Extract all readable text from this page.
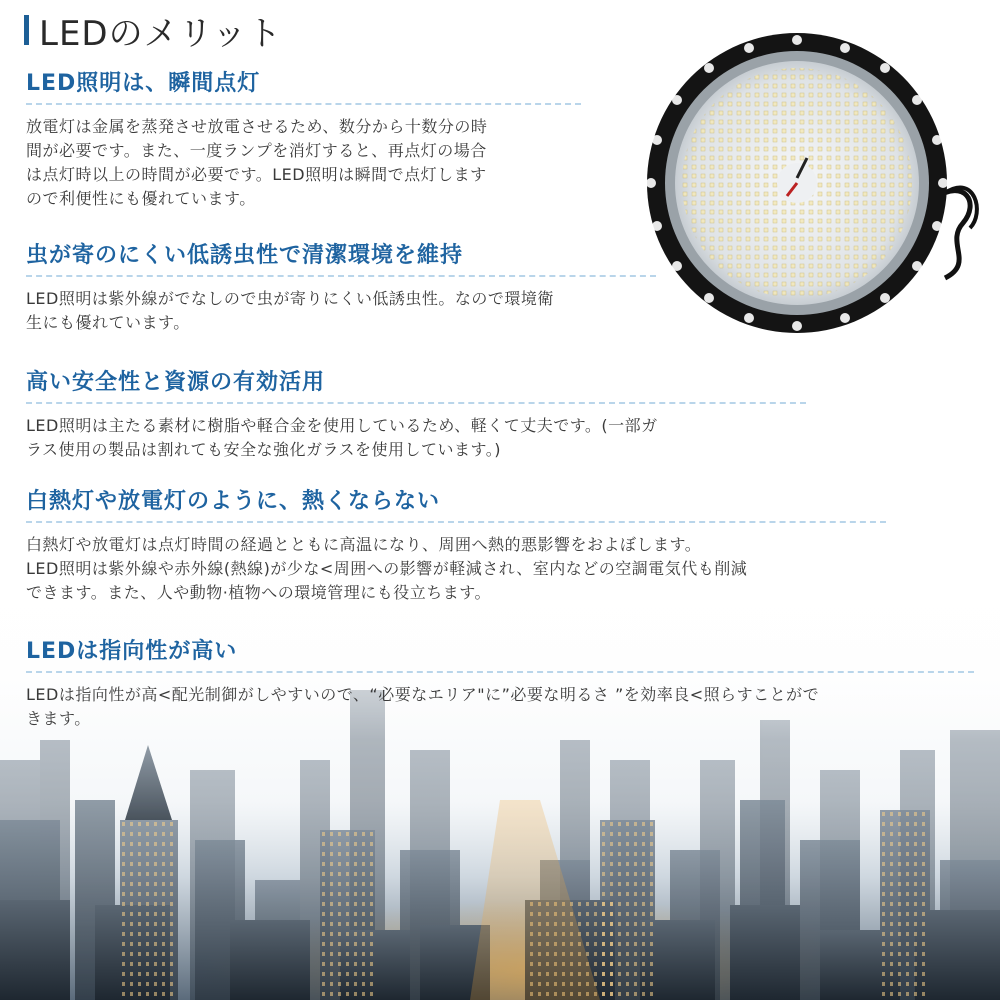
LEDのメリット
LED照明は、瞬間点灯

放電灯は金属を蒸発させ放電させるため、数分から十数分の時

間が必要です。また、一度ランプを消灯すると、再点灯の場合

は点灯時以上の時間が必要です。LED照明は瞬間で点灯します

ので利便性にも優れています。

虫が寄のにくい低誘虫性で清潔環境を維持

LED照明は紫外線がでなしので虫が寄りにくい低誘虫性。なので環境衛

生にも優れています。

高い安全性と資源の有効活用

LED照明は主たる素材に樹脂や軽合金を使用しているため、軽くて丈夫です。(一部ガ

ラス使用の製品は割れても安全な強化ガラスを使用しています。)

白熱灯や放電灯のように、熱くならない

白熱灯や放電灯は点灯時間の経過とともに高温になり、周囲へ熱的悪影響をおよぼします。

LED照明は紫外線や赤外線(熱線)が少な<周囲への影響が軽減され、室内などの空調電気代も削減

できます。また、人や動物·植物への環境管理にも役立ちます。

LEDは指向性が高い

LEDは指向性が高<配光制御がしやすいので、“必要なエリア"に”必要な明るさ ”を効率良<照らすことがで

きます。
